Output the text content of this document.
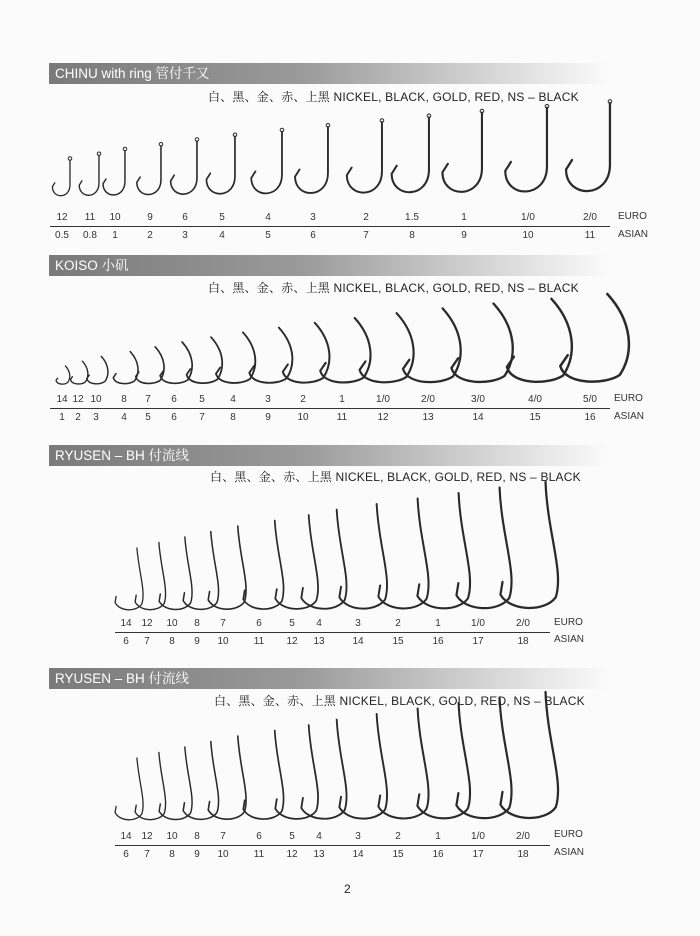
CHINU with ring 管付千又
白、黑、金、赤、上黑 NICKEL, BLACK, GOLD, RED, NS – BLACK
12
0.5
11
0.8
10
1
9
2
6
3
5
4
4
5
3
6
2
7
1.5
8
1
9
1/0
10
2/0
11
EURO
ASIAN
KOISO 小矶
白、黑、金、赤、上黑 NICKEL, BLACK, GOLD, RED, NS – BLACK
14
1
12
2
10
3
8
4
7
5
6
6
5
7
4
8
3
9
2
10
1
11
1/0
12
2/0
13
3/0
14
4/0
15
5/0
16
EURO
ASIAN
RYUSEN – BH 付流线
白、黑、金、赤、上黑 NICKEL, BLACK, GOLD, RED, NS – BLACK
14
6
12
7
10
8
8
9
7
10
6
11
5
12
4
13
3
14
2
15
1
16
1/0
17
2/0
18
EURO
ASIAN
RYUSEN – BH 付流线
白、黑、金、赤、上黑 NICKEL, BLACK, GOLD, RED, NS – BLACK
14
6
12
7
10
8
8
9
7
10
6
11
5
12
4
13
3
14
2
15
1
16
1/0
17
2/0
18
EURO
ASIAN
2
